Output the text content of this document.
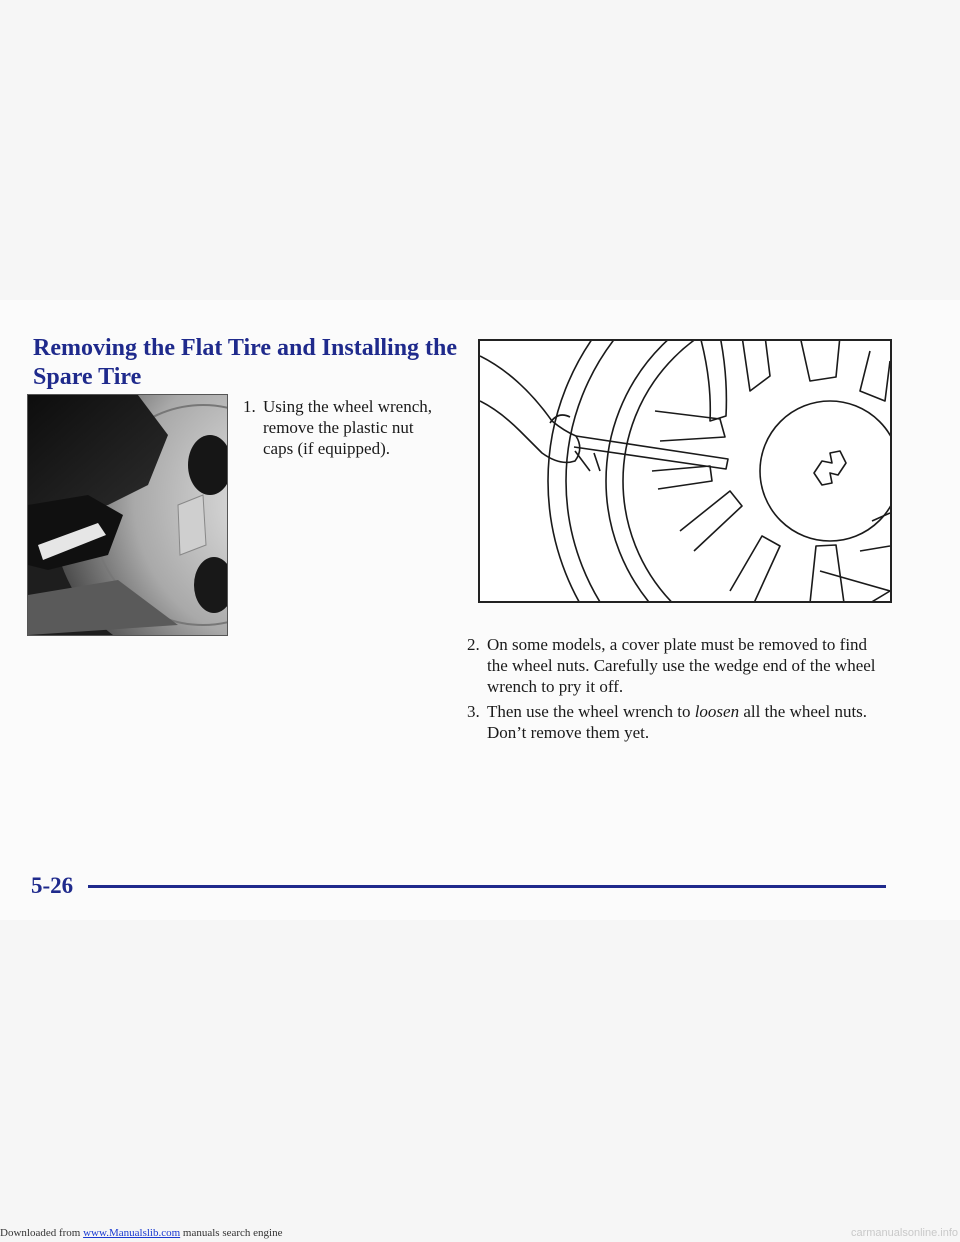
Removing the Flat Tire and Installing the Spare Tire

1. Using the wheel wrench, remove the plastic nut caps (if equipped).

2. On some models, a cover plate must be removed to find the wheel nuts. Carefully use the wedge end of the wheel wrench to pry it off.

3. Then use the wheel wrench to loosen all the wheel nuts. Don’t remove them yet.

5-26

Downloaded from www.Manualslib.com manuals search engine	carmanualsonline.info
